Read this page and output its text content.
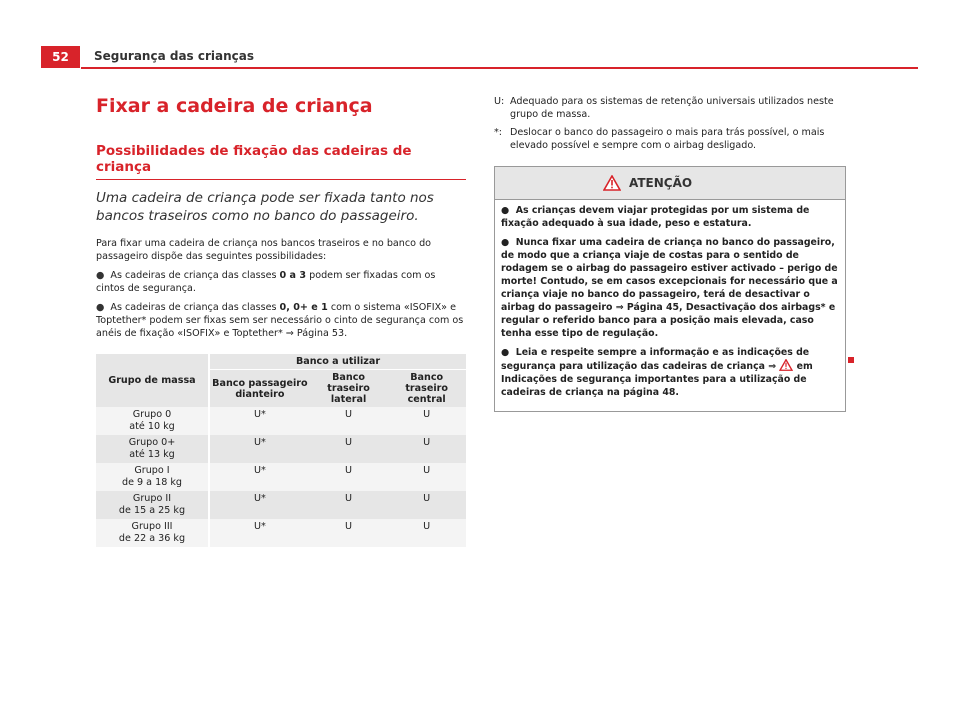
52	Segurança das crianças
Fixar a cadeira de criança
Possibilidades de fixação das cadeiras de criança
Uma cadeira de criança pode ser fixada tanto nos bancos traseiros como no banco do passageiro.
Para fixar uma cadeira de criança nos bancos traseiros e no banco do passageiro dispõe das seguintes possibilidades:
● As cadeiras de criança das classes 0 a 3 podem ser fixadas com os cintos de segurança.
● As cadeiras de criança das classes 0, 0+ e 1 com o sistema «ISOFIX» e Toptether* podem ser fixas sem ser necessário o cinto de segurança com os anéis de fixação «ISOFIX» e Toptether* ⇒ Página 53.
Grupo de massa	Banco a utilizar		
	Banco passageiro dianteiro	Banco traseiro lateral	Banco traseiro central

Grupo 0
até 10 kg	U*	U	U

Grupo 0+
até 13 kg	U*	U	U

Grupo I
de 9 a 18 kg	U*	U	U

Grupo II
de 15 a 25 kg	U*	U	U

Grupo III
de 22 a 36 kg	U*	U	U
U: Adequado para os sistemas de retenção universais utilizados neste grupo de massa.
*: Deslocar o banco do passageiro o mais para trás possível, o mais elevado possível e sempre com o airbag desligado.
ATENÇÃO

●  As crianças devem viajar protegidas por um sistema de fixação adequado à sua idade, peso e estatura.

●  Nunca fixar uma cadeira de criança no banco do passageiro, de modo que a criança viaje de costas para o sentido de rodagem se o airbag do passageiro estiver activado – perigo de morte! Contudo, se em casos excepcionais for necessário que a criança viaje no banco do passageiro, terá de desactivar o airbag do passageiro ⇒ Página 45, Desactivação dos airbags* e regular o referido banco para a posição mais elevada, caso tenha esse tipo de regulação.

●  Leia e respeite sempre a informação e as indicações de segurança para utilização das cadeiras de criança ⇒  em Indicações de segurança importantes para a utilização de cadeiras de criança na página 48.
